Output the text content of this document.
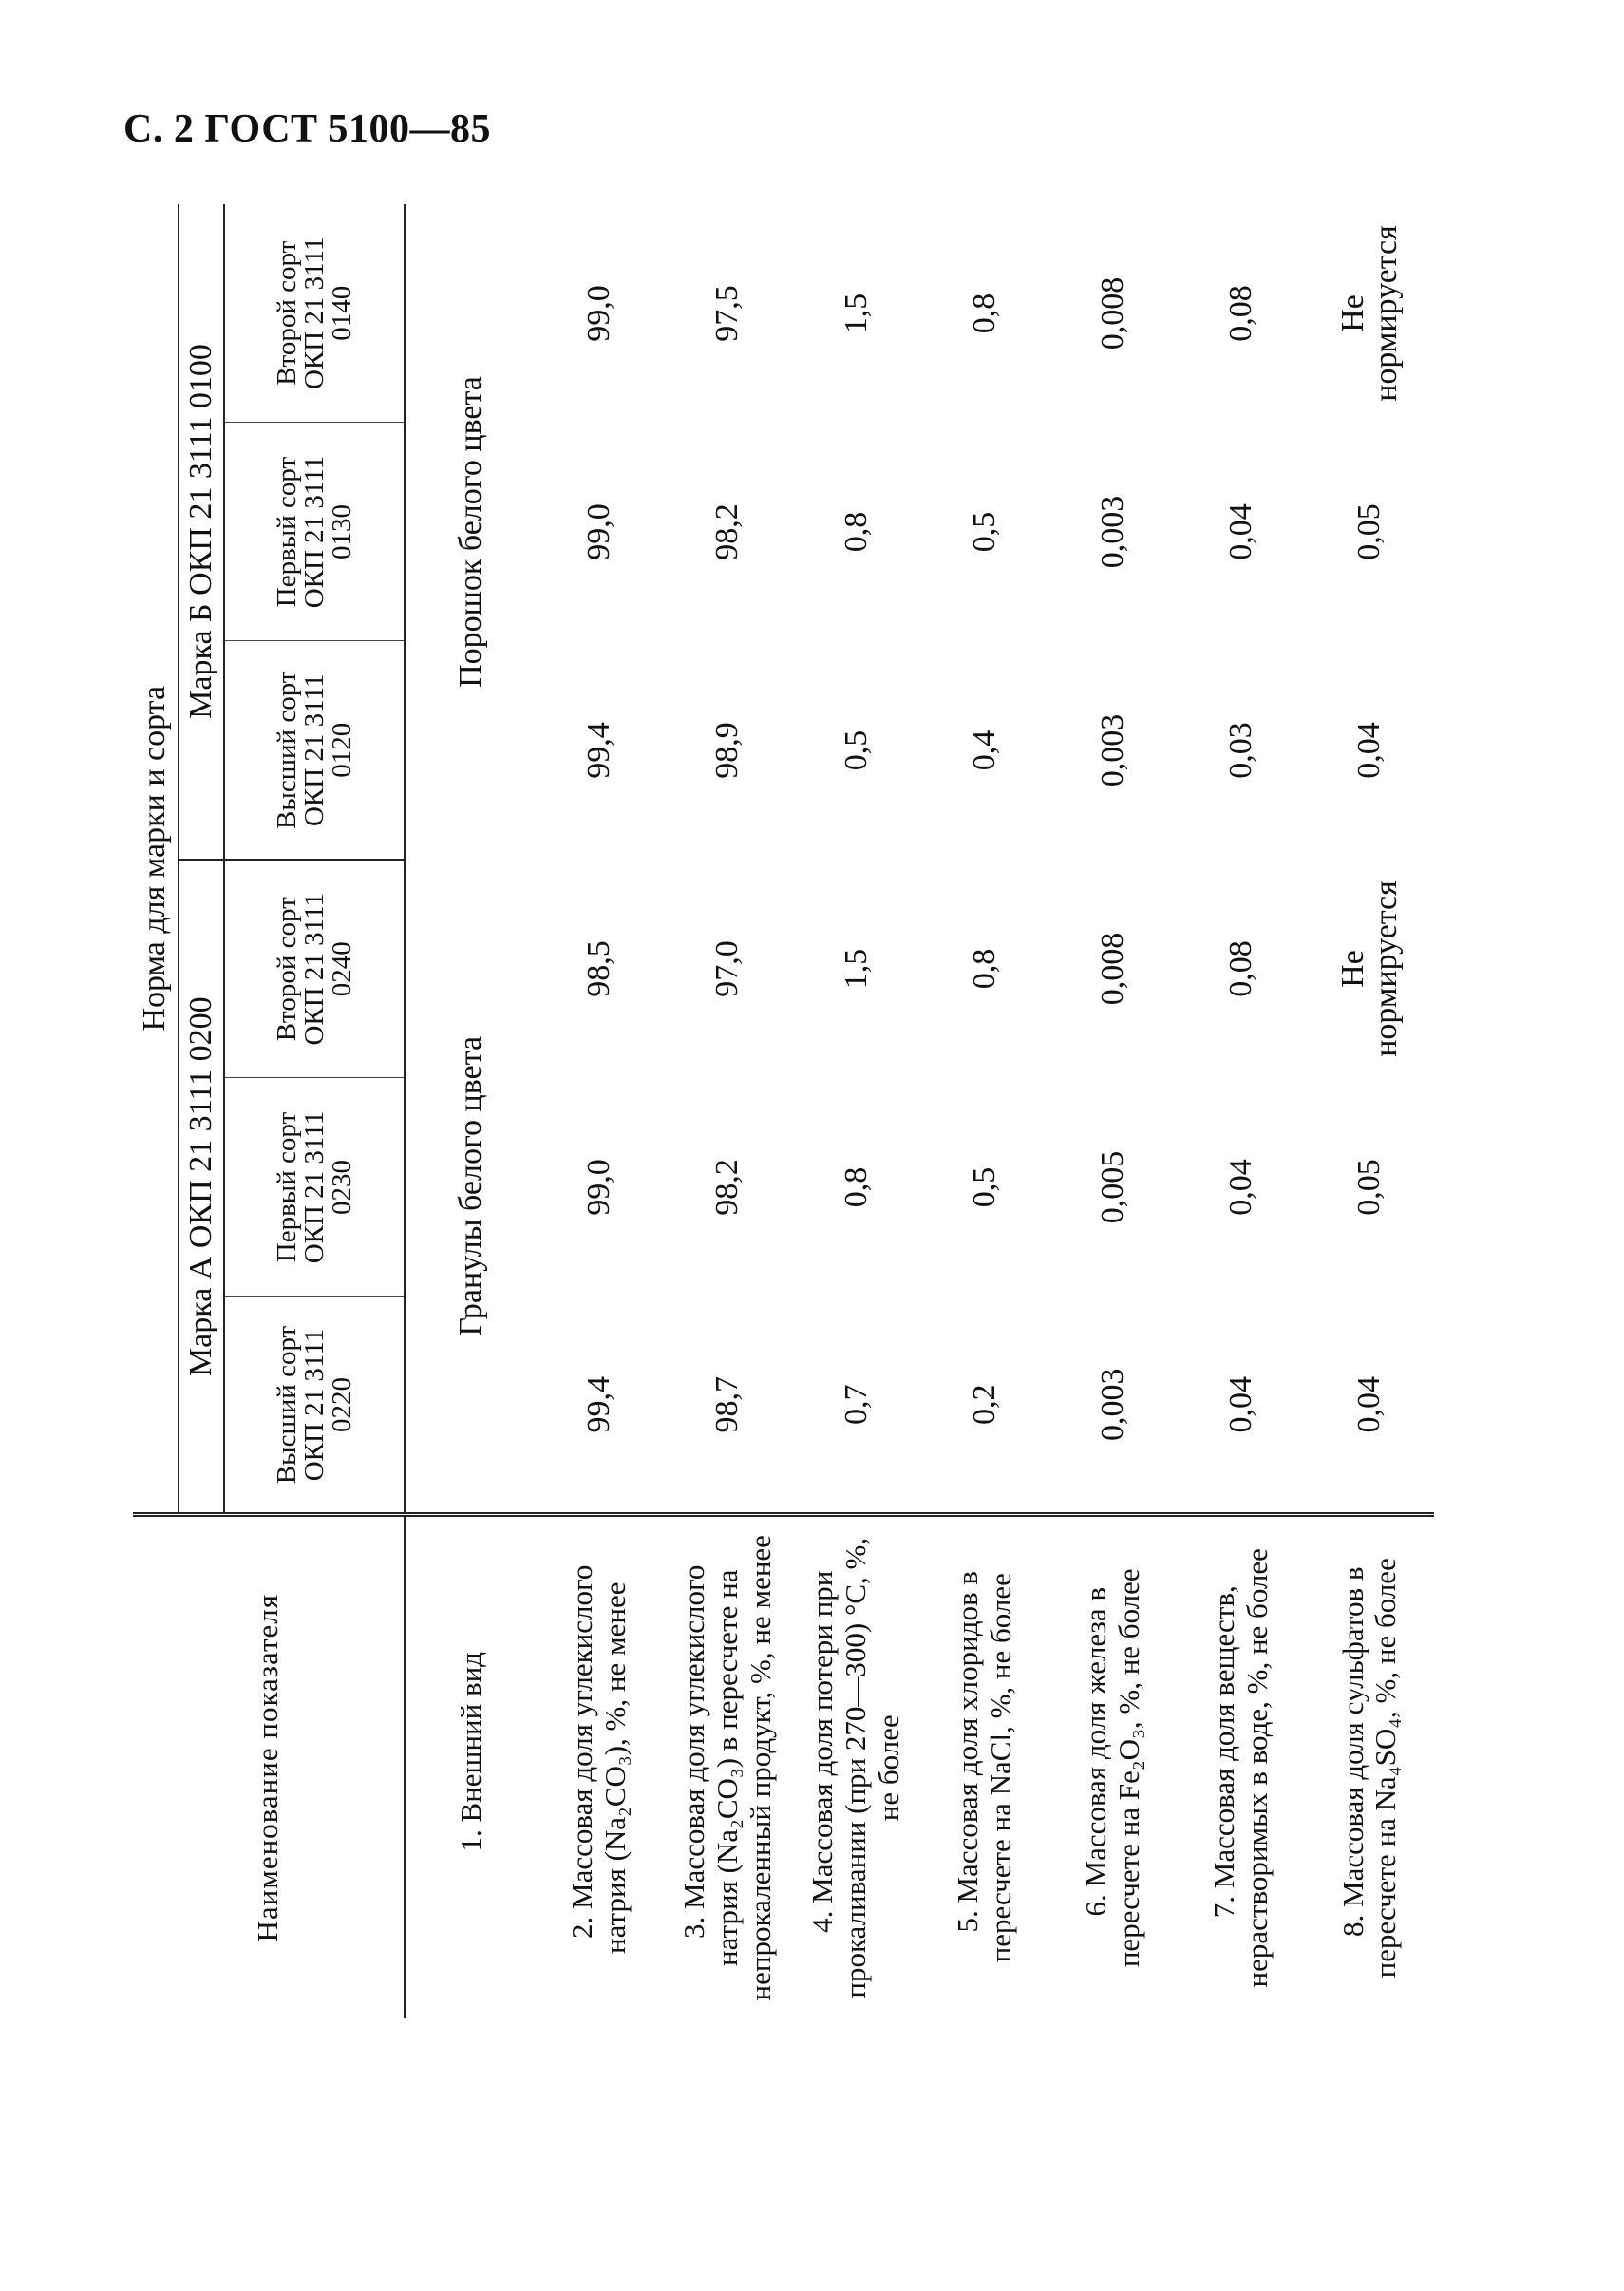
С. 2 ГОСТ 5100—85
Наименование показателя	Норма для марки и сорта					
	Марка А ОКП 21 3111 0200			Марка Б ОКП 21 3111 0100		
	Высший сорт
ОКП 21 3111 0220	Первый сорт
ОКП 21 3111 0230	Второй сорт
ОКП 21 3111 0240	Высший сорт
ОКП 21 3111 0120	Первый сорт
ОКП 21 3111 0130	Второй сорт
ОКП 21 3111 0140
1. Внешний вид	Гранулы белого цвета			Порошок белого цвета		
2. Массовая доля углекислого натрия (Na₂CO₃), %, не менее	99,4	99,0	98,5	99,4	99,0	99,0
3. Массовая доля углекислого натрия (Na₂CO₃) в пересчете на непрокаленный продукт, %, не менее	98,7	98,2	97,0	98,9	98,2	97,5
4. Массовая доля потери при прокаливании (при 270—300) °С, %, не более	0,7	0,8	1,5	0,5	0,8	1,5
5. Массовая доля хлоридов в пересчете на NaCl, %, не более	0,2	0,5	0,8	0,4	0,5	0,8
6. Массовая доля железа в пересчете на Fe₂O₃, %, не более	0,003	0,005	0,008	0,003	0,003	0,008
7. Массовая доля веществ, нерастворимых в воде, %, не более	0,04	0,04	0,08	0,03	0,04	0,08
8. Массовая доля сульфатов в пересчете на Na₄SO₄, %, не более	0,04	0,05	Не нормируется	0,04	0,05	Не нормируется
